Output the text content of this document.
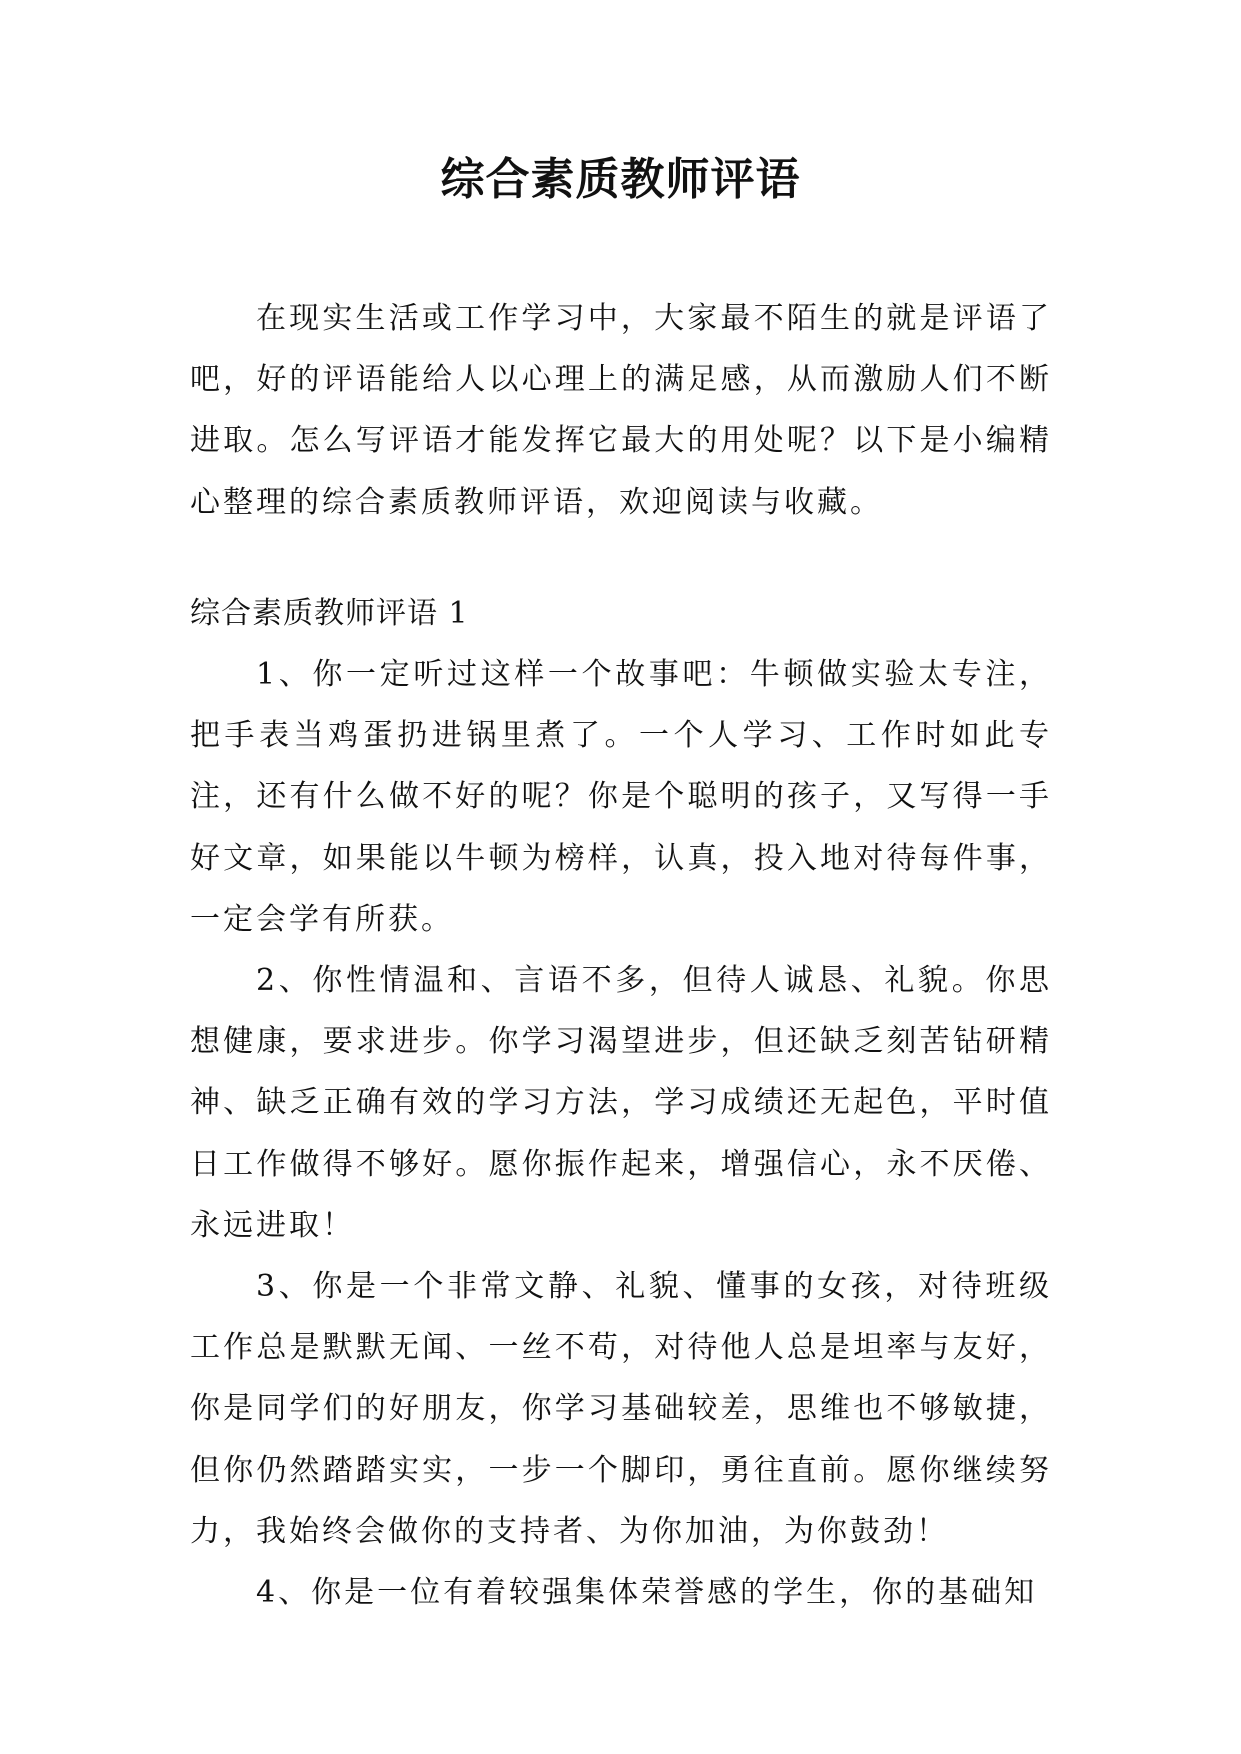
综合素质教师评语

在现实生活或工作学习中，大家最不陌生的就是评语了吧，好的评语能给人以心理上的满足感，从而激励人们不断进取。怎么写评语才能发挥它最大的用处呢？以下是小编精心整理的综合素质教师评语，欢迎阅读与收藏。

综合素质教师评语 1

1、你一定听过这样一个故事吧：牛顿做实验太专注，把手表当鸡蛋扔进锅里煮了。一个人学习、工作时如此专注，还有什么做不好的呢？你是个聪明的孩子，又写得一手好文章，如果能以牛顿为榜样，认真，投入地对待每件事，一定会学有所获。

2、你性情温和、言语不多，但待人诚恳、礼貌。你思想健康，要求进步。你学习渴望进步，但还缺乏刻苦钻研精神、缺乏正确有效的学习方法，学习成绩还无起色，平时值日工作做得不够好。愿你振作起来，增强信心，永不厌倦、永远进取！

3、你是一个非常文静、礼貌、懂事的女孩，对待班级工作总是默默无闻、一丝不苟，对待他人总是坦率与友好，你是同学们的好朋友，你学习基础较差，思维也不够敏捷，但你仍然踏踏实实，一步一个脚印，勇往直前。愿你继续努力，我始终会做你的支持者、为你加油，为你鼓劲！

4、你是一位有着较强集体荣誉感的学生，你的基础知
